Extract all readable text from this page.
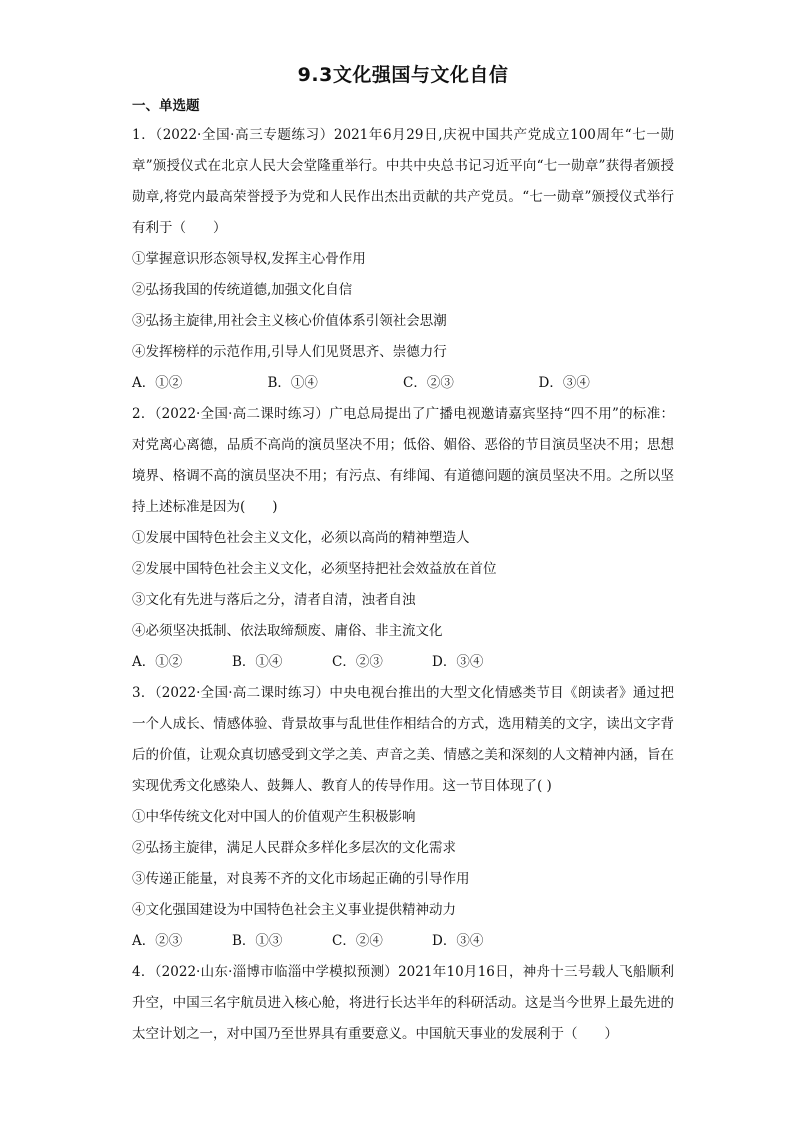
9.3文化强国与文化自信
一、单选题

1．（2022·全国·高三专题练习）2021年6月29日,庆祝中国共产党成立100周年“七一勋章”颁授仪式在北京人民大会堂隆重举行。中共中央总书记习近平向“七一勋章”获得者颁授勋章,将党内最高荣誉授予为党和人民作出杰出贡献的共产党员。“七一勋章”颁授仪式举行有利于（　　）

①掌握意识形态领导权,发挥主心骨作用

②弘扬我国的传统道德,加强文化自信

③弘扬主旋律,用社会主义核心价值体系引领社会思潮

④发挥榜样的示范作用,引导人们见贤思齐、崇德力行

A．①②	B．①④	C．②③	D．③④

2．（2022·全国·高二课时练习）广电总局提出了广播电视邀请嘉宾坚持“四不用”的标准：对党离心离德，品质不高尚的演员坚决不用；低俗、媚俗、恶俗的节目演员坚决不用；思想境界、格调不高的演员坚决不用；有污点、有绯闻、有道德问题的演员坚决不用。之所以坚持上述标准是因为(　　)

①发展中国特色社会主义文化，必须以高尚的精神塑造人

②发展中国特色社会主义文化，必须坚持把社会效益放在首位

③文化有先进与落后之分，清者自清，浊者自浊

④必须坚决抵制、依法取缔颓废、庸俗、非主流文化

A．①②	B．①④	C．②③	D．③④

3．（2022·全国·高二课时练习）中央电视台推出的大型文化情感类节目《朗读者》通过把一个人成长、情感体验、背景故事与乱世佳作相结合的方式，选用精美的文字，读出文字背后的价值，让观众真切感受到文学之美、声音之美、情感之美和深刻的人文精神内涵，旨在实现优秀文化感染人、鼓舞人、教育人的传导作用。这一节目体现了( )

①中华传统文化对中国人的价值观产生积极影响

②弘扬主旋律，满足人民群众多样化多层次的文化需求

③传递正能量，对良莠不齐的文化市场起正确的引导作用

④文化强国建设为中国特色社会主义事业提供精神动力

A．②③	B．①③	C．②④	D．③④

4．（2022·山东·淄博市临淄中学模拟预测）2021年10月16日，神舟十三号载人飞船顺利升空，中国三名宇航员进入核心舱，将进行长达半年的科研活动。这是当今世界上最先进的太空计划之一，对中国乃至世界具有重要意义。中国航天事业的发展利于（　　）
